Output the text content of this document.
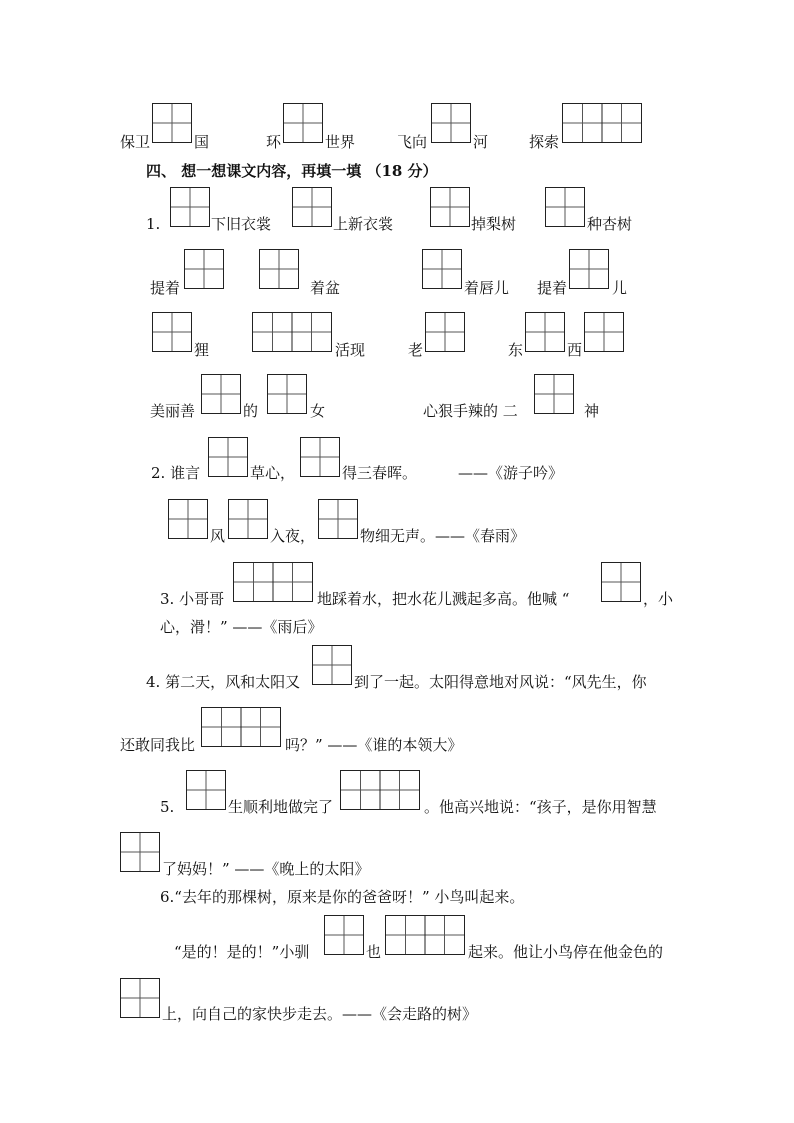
保卫	国	环	世界	飞向	河	探索
四、 想一想课文内容，再填一填 （18 分）
1.	下旧衣裳	上新衣裳	掉梨树	种杏树
提着	着盆	着唇儿 提着	儿
狸	活现	老	东	西
美丽善	的	女	心狠手辣的 二	神
2. 谁言	草心，	得三春晖。	——《游子吟》
风	入夜，	物细无声。——《春雨》
3. 小哥哥	地踩着水，把水花儿溅起多高。他喊 “	，小
心，滑！” ——《雨后》
4. 第二天，风和太阳又	到了一起。太阳得意地对风说：“风先生，你
还敢同我比	吗？” ——《谁的本领大》
5.	生顺利地做完了	。他高兴地说：“孩子，是你用智慧
了妈妈！” ——《晚上的太阳》
6.“去年的那棵树，原来是你的爸爸呀！” 小鸟叫起来。
“是的！是的！”小驯	也	起来。他让小鸟停在他金色的
上，向自己的家快步走去。——《会走路的树》
